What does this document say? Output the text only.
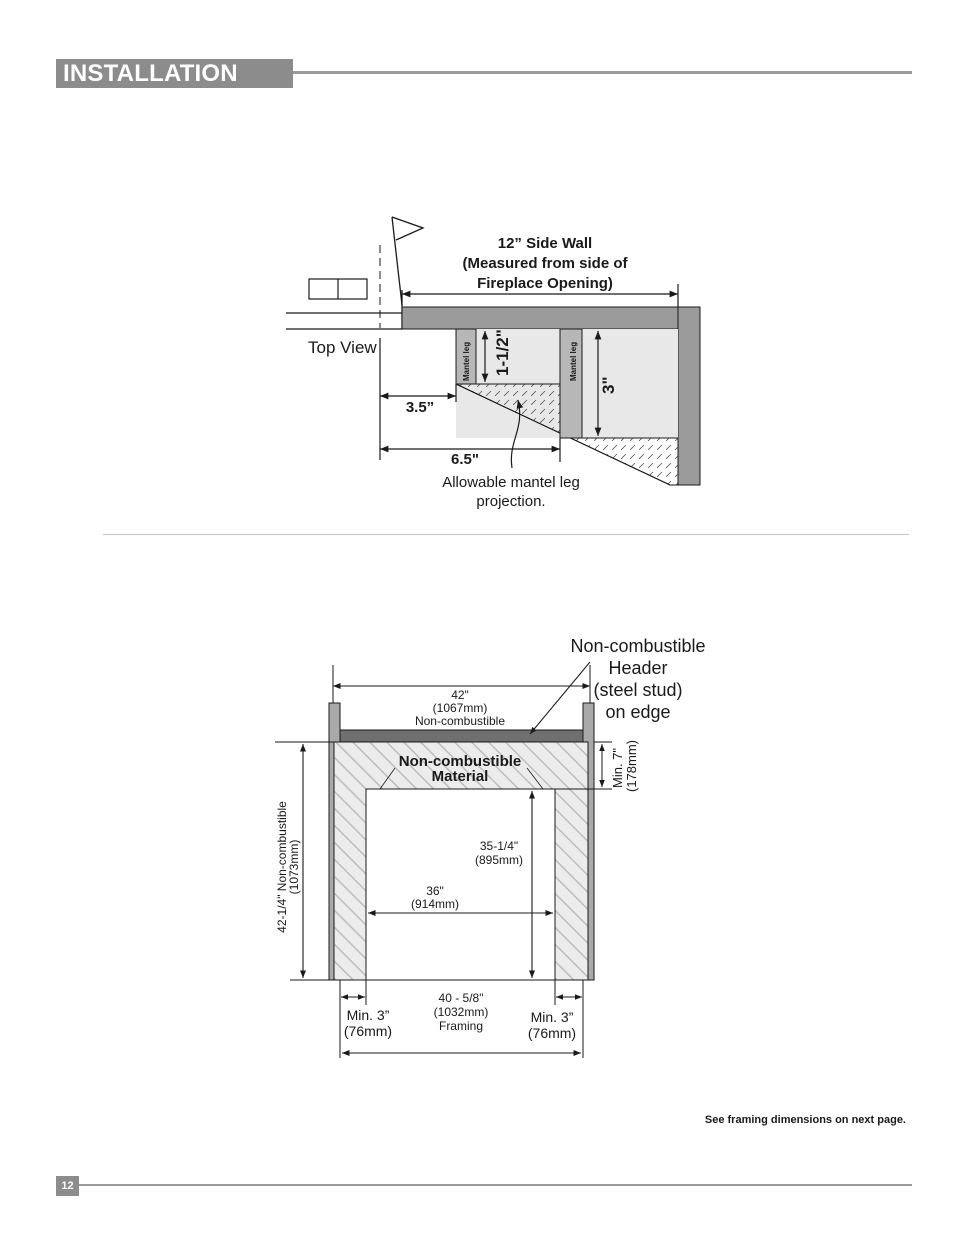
INSTALLATION
12” Side Wall
(Measured from side of
Fireplace Opening)
Top View	Mantel leg	Mantel leg
1-1/2"
3"
3.5”
6.5"
Allowable mantel leg
projection.
42"
(1067mm)
Non-combustible
Non-combustible
Header
(steel stud)
on edge
Non-combustible
Material	Min. 7" (178mm)
42-1/4" Non-combustible
(1073mm)	35-1/4"
(895mm)
36"
(914mm)
Min. 3”
(76mm)
Min. 3”
(76mm)
40 - 5/8"
(1032mm)
Framing
See framing dimensions on next page.
12
